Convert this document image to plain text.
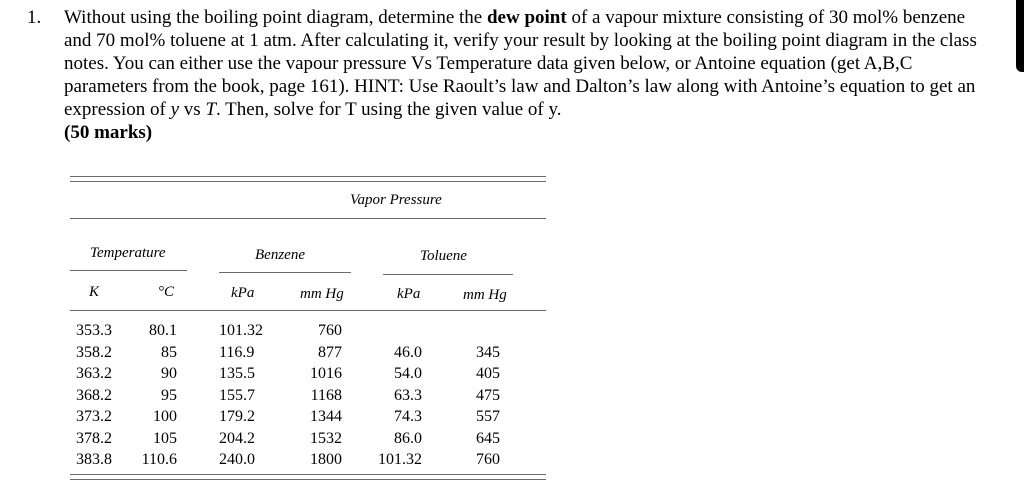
1. Without using the boiling point diagram, determine the dew point of a vapour mixture consisting of 30 mol% benzene and 70 mol% toluene at 1 atm. After calculating it, verify your result by looking at the boiling point diagram in the class notes. You can either use the vapour pressure Vs Temperature data given below, or Antoine equation (get A,B,C parameters from the book, page 161). HINT: Use Raoult’s law and Dalton’s law along with Antoine’s equation to get an expression of y vs T. Then, solve for T using the given value of y.
(50 marks)
Vapor Pressure
Temperature	Benzene	Toluene
K	°C	kPa	mm Hg	kPa	mm Hg
353.3 80.1	101.32	760
358.2	85	116.9	877	46.0	345
363.2	90	135.5	1016	54.0	405
368.2	95	155.7	1168	63.3	475
373.2	100	179.2	1344	74.3	557
378.2	105	204.2	1532	86.0	645
383.8 110.6	240.0	1800 101.32	760
